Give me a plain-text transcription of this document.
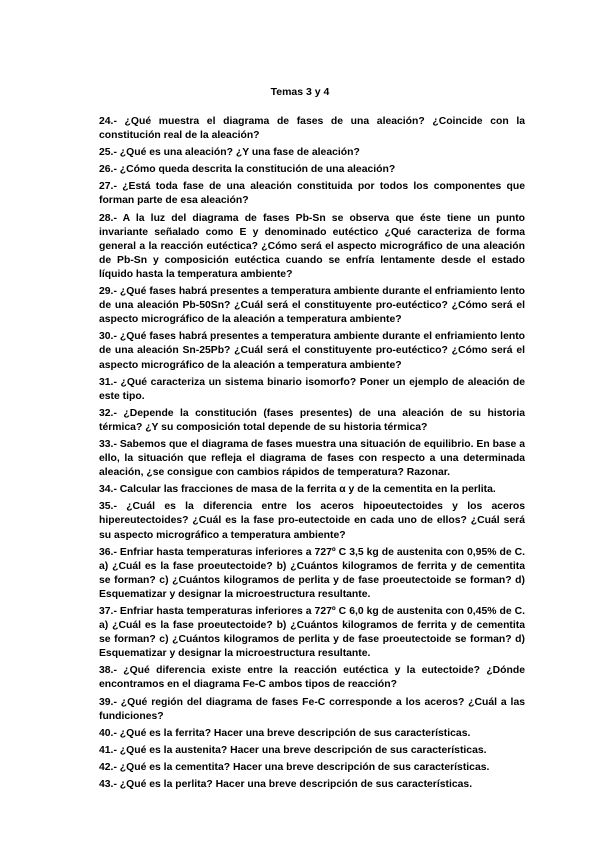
Temas 3 y 4
24.- ¿Qué muestra el diagrama de fases de una aleación? ¿Coincide con la constitución real de la aleación?
25.- ¿Qué es una aleación? ¿Y una fase de aleación?
26.- ¿Cómo queda descrita la constitución de una aleación?
27.- ¿Está toda fase de una aleación constituida por todos los componentes que forman parte de esa aleación?
28.- A la luz del diagrama de fases Pb-Sn se observa que éste tiene un punto invariante señalado como E y denominado eutéctico ¿Qué caracteriza de forma general a la reacción eutéctica? ¿Cómo será el aspecto micrográfico de una aleación de Pb-Sn y composición eutéctica cuando se enfría lentamente desde el estado líquido hasta la temperatura ambiente?
29.- ¿Qué fases habrá presentes a temperatura ambiente durante el enfriamiento lento de una aleación Pb-50Sn? ¿Cuál será el constituyente pro-eutéctico? ¿Cómo será el aspecto micrográfico de la aleación a temperatura ambiente?
30.- ¿Qué fases habrá presentes a temperatura ambiente durante el enfriamiento lento de una aleación Sn-25Pb? ¿Cuál será el constituyente pro-eutéctico? ¿Cómo será el aspecto micrográfico de la aleación a temperatura ambiente?
31.- ¿Qué caracteriza un sistema binario isomorfo? Poner un ejemplo de aleación de este tipo.
32.- ¿Depende la constitución (fases presentes) de una aleación de su historia térmica? ¿Y su composición total depende de su historia térmica?
33.- Sabemos que el diagrama de fases muestra una situación de equilibrio. En base a ello, la situación que refleja el diagrama de fases con respecto a una determinada aleación, ¿se consigue con cambios rápidos de temperatura? Razonar.
34.- Calcular las fracciones de masa de la ferrita α y de la cementita en la perlita.
35.- ¿Cuál es la diferencia entre los aceros hipoeutectoides y los aceros hipereutectoides? ¿Cuál es la fase pro-eutectoide en cada uno de ellos? ¿Cuál será su aspecto micrográfico a temperatura ambiente?
36.- Enfriar hasta temperaturas inferiores a 727º C 3,5 kg de austenita con 0,95% de C. a) ¿Cuál es la fase proeutectoide? b) ¿Cuántos kilogramos de ferrita y de cementita se forman? c) ¿Cuántos kilogramos de perlita y de fase proeutectoide se forman? d) Esquematizar y designar la microestructura resultante.
37.- Enfriar hasta temperaturas inferiores a 727º C 6,0 kg de austenita con 0,45% de C. a) ¿Cuál es la fase proeutectoide? b) ¿Cuántos kilogramos de ferrita y de cementita se forman? c) ¿Cuántos kilogramos de perlita y de fase proeutectoide se forman? d) Esquematizar y designar la microestructura resultante.
38.- ¿Qué diferencia existe entre la reacción eutéctica y la eutectoide? ¿Dónde encontramos en el diagrama Fe-C ambos tipos de reacción?
39.- ¿Qué región del diagrama de fases Fe-C corresponde a los aceros? ¿Cuál a las fundiciones?
40.- ¿Qué es la ferrita? Hacer una breve descripción de sus características.
41.- ¿Qué es la austenita? Hacer una breve descripción de sus características.
42.- ¿Qué es la cementita? Hacer una breve descripción de sus características.
43.- ¿Qué es la perlita? Hacer una breve descripción de sus características.
